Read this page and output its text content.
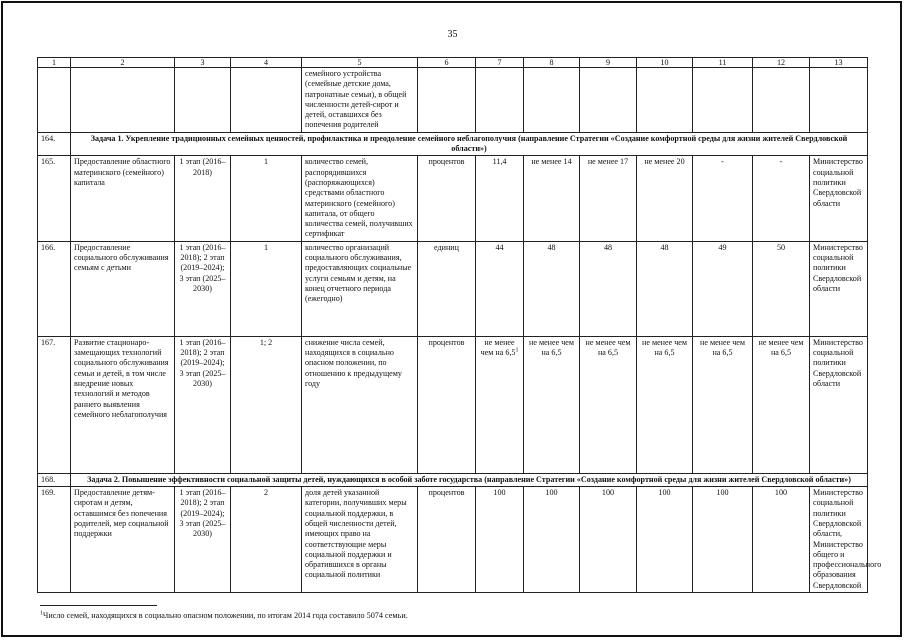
35
1	2	3	4	5	6	7	8	9	10	11	12	13
				семейного устройства (семейные детские дома, патронатные семьи), в общей численности детей-сирот и детей, оставшихся без попечения родителей								
164.	Задача 1. Укрепление традиционных семейных ценностей, профилактика и преодоление семейного неблагополучия (направление Стратегии «Создание комфортной среды для жизни жителей Свердловской области»)											
165.	Предоставление областного материнского (семейного) капитала	1 этап (2016–2018)	1	количество семей, распорядившихся (распоряжающихся) средствами областного материнского (семейного) капитала, от общего количества семей, получивших сертификат	процентов	11,4	не менее 14	не менее 17	не менее 20	-	-	Министерство социальной политики Свердловской области
166.	Предоставление социального обслуживания семьям с детьми	1 этап (2016–2018); 2 этап (2019–2024); 3 этап (2025–2030)	1	количество организаций социального обслуживания, предоставляющих социальные услуги семьям и детям, на конец отчетного периода (ежегодно)	единиц	44	48	48	48	49	50	Министерство социальной политики Свердловской области
167.	Развитие стационаро-замещающих технологий социального обслуживания семьи и детей, в том числе внедрение новых технологий и методов раннего выявления семейного неблагополучия	1 этап (2016–2018); 2 этап (2019–2024); 3 этап (2025–2030)	1; 2	снижение числа семей, находящихся в социально опасном положении, по отношению к предыдущему году	процентов	не менее чем на $6,5^1$	не менее чем на 6,5	не менее чем на 6,5	не менее чем на 6,5	не менее чем на 6,5	не менее чем на 6,5	Министерство социальной политики Свердловской области
168.	Задача 2. Повышение эффективности социальной защиты детей, нуждающихся в особой заботе государства (направление Стратегии «Создание комфортной среды для жизни жителей Свердловской области»)											
169.	Предоставление детям-сиротам и детям, оставшимся без попечения родителей, мер социальной поддержки	1 этап (2016–2018); 2 этап (2019–2024); 3 этап (2025–2030)	2	доля детей указанной категории, получивших меры социальной поддержки, в общей численности детей, имеющих право на соответствующие меры социальной поддержки и обратившихся в органы социальной политики	процентов	100	100	100	100	100	100	Министерство социальной политики Свердловской области, Министерство общего и профессионального образования Свердловской
$^1$Число семей, находящихся в социально опасном положении, по итогам 2014 года составило 5074 семьи.
